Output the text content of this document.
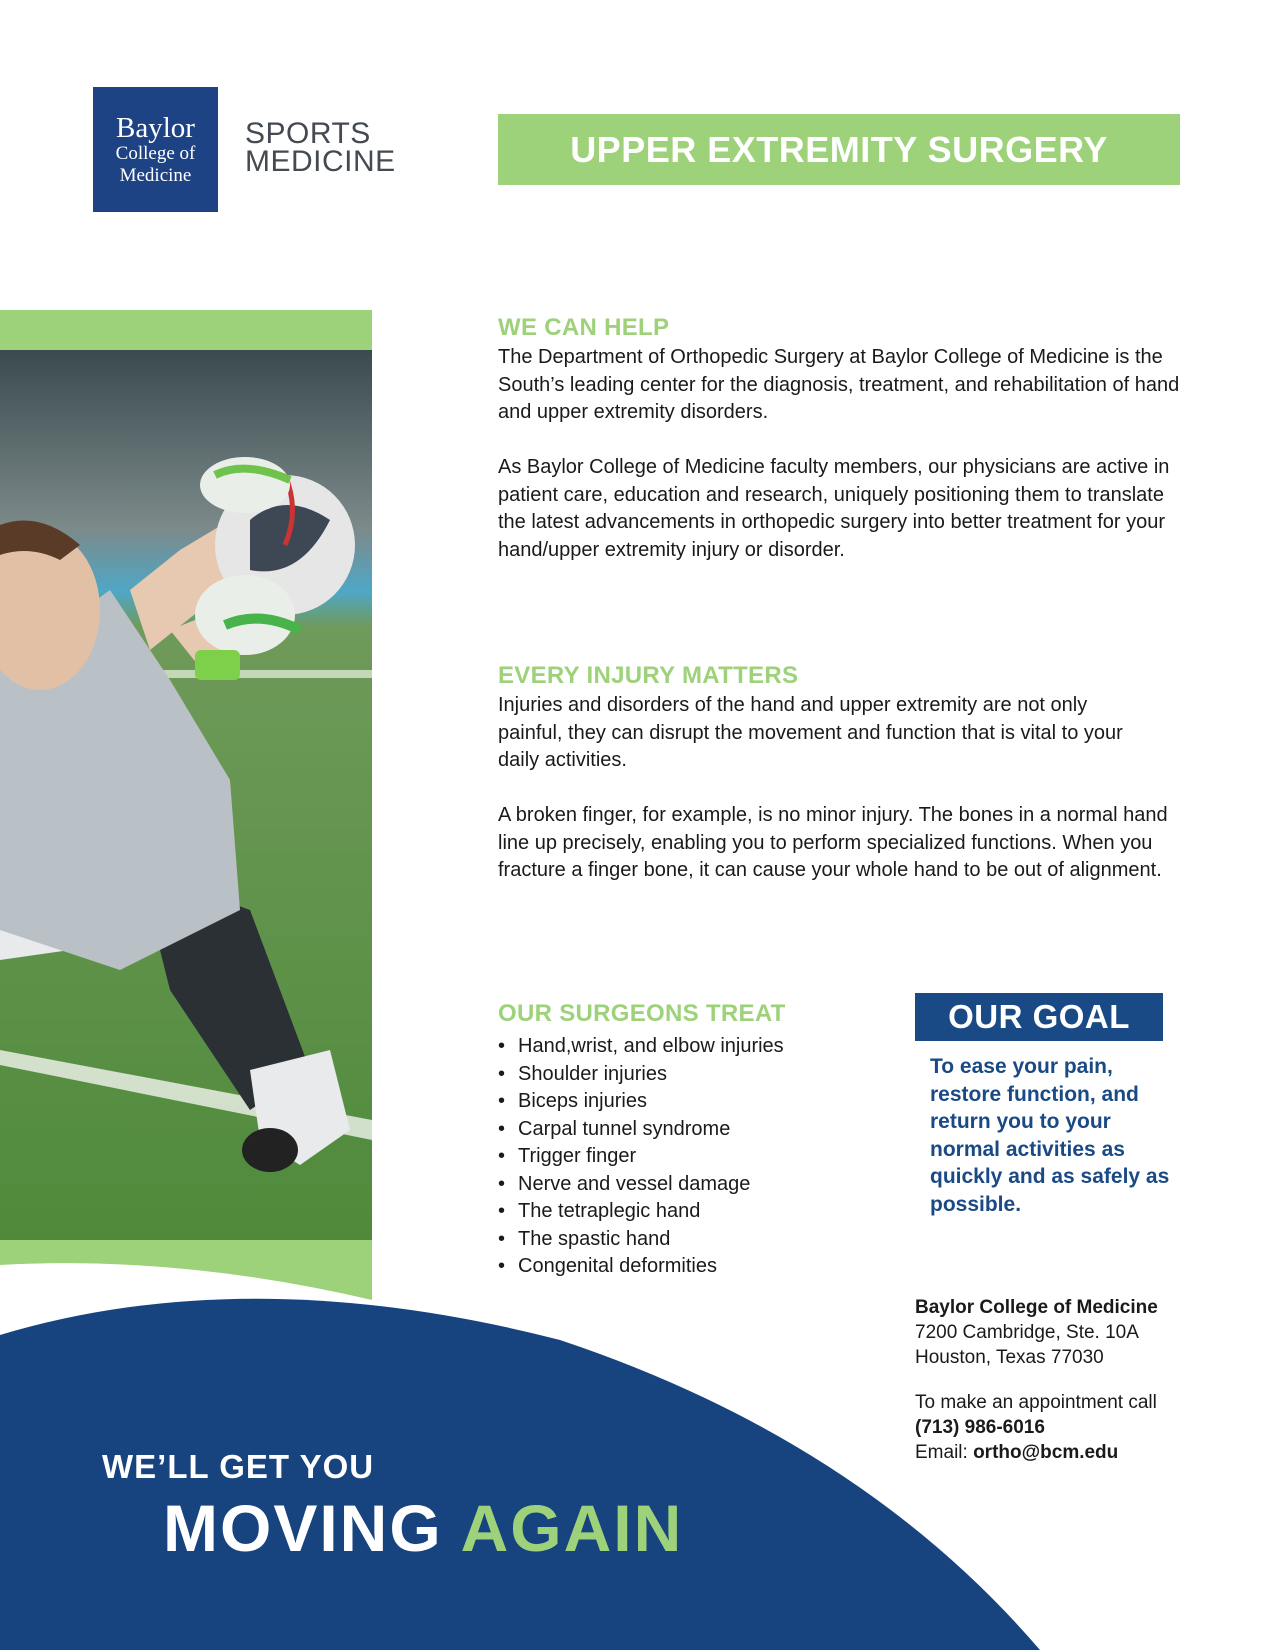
Baylor
College of
Medicine
SPORTS
MEDICINE	UPPER EXTREMITY SURGERY
WE’LL GET YOU
MOVING AGAIN
WE CAN HELP
The Department of Orthopedic Surgery at Baylor College of Medicine is the South’s leading center for the diagnosis, treatment, and rehabilitation of hand and upper extremity disorders.
As Baylor College of Medicine faculty members, our physicians are active in patient care, education and research, uniquely positioning them to translate the latest advancements in orthopedic surgery into better treatment for your hand/upper extremity injury or disorder.
EVERY INJURY MATTERS
Injuries and disorders of the hand and upper extremity are not only painful, they can disrupt the movement and function that is vital to your daily activities.
A broken finger, for example, is no minor injury. The bones in a normal hand line up precisely, enabling you to perform specialized functions. When you fracture a finger bone, it can cause your whole hand to be out of alignment.
OUR SURGEONS TREAT
• Hand,wrist, and elbow injuries
• Shoulder injuries
• Biceps injuries
• Carpal tunnel syndrome
• Trigger finger
• Nerve and vessel damage
• The tetraplegic hand
• The spastic hand
• Congenital deformities
OUR GOAL
To ease your pain, restore function, and return you to your normal activities as quickly and as safely as possible.
Baylor College of Medicine
7200 Cambridge, Ste. 10A
Houston, Texas 77030
To make an appointment call
(713) 986-6016
Email: ortho@bcm.edu
